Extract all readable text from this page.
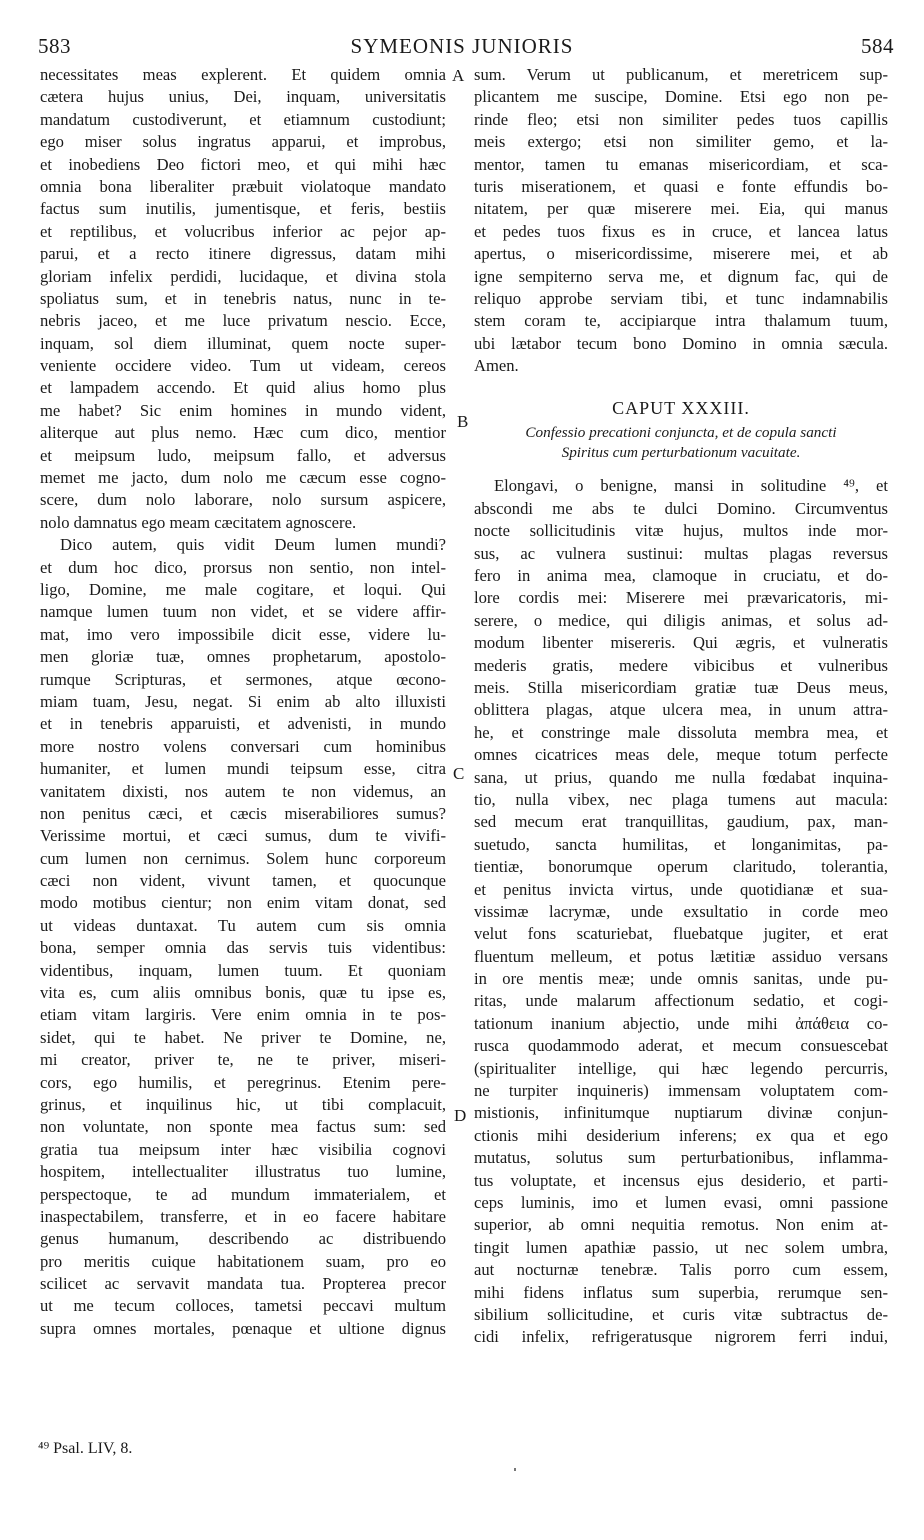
583	SYMEONIS JUNIORIS	584
necessitates meas explerent. Et quidem omnia
cætera hujus unius, Dei, inquam, universitatis
mandatum custodiverunt, et etiamnum custodiunt;
ego miser solus ingratus apparui, et improbus,
et inobediens Deo fictori meo, et qui mihi hæc
omnia bona liberaliter præbuit violatoque mandato
factus sum inutilis, jumentisque, et feris, bestiis
et reptilibus, et volucribus inferior ac pejor ap-
parui, et a recto itinere digressus, datam mihi
gloriam infelix perdidi, lucidaque, et divina stola
spoliatus sum, et in tenebris natus, nunc in te-
nebris jaceo, et me luce privatum nescio. Ecce,
inquam, sol diem illuminat, quem nocte super-
veniente occidere video. Tum ut videam, cereos
et lampadem accendo. Et quid alius homo plus
me habet? Sic enim homines in mundo vident,
aliterque aut plus nemo. Hæc cum dico, mentior
et meipsum ludo, meipsum fallo, et adversus
memet me jacto, dum nolo me cæcum esse cogno-
scere, dum nolo laborare, nolo sursum aspicere,
nolo damnatus ego meam cæcitatem agnoscere.
Dico autem, quis vidit Deum lumen mundi?
et dum hoc dico, prorsus non sentio, non intel-
ligo, Domine, me male cogitare, et loqui. Qui
namque lumen tuum non videt, et se videre affir-
mat, imo vero impossibile dicit esse, videre lu-
men gloriæ tuæ, omnes prophetarum, apostolo-
rumque Scripturas, et sermones, atque œcono-
miam tuam, Jesu, negat. Si enim ab alto illuxisti
et in tenebris apparuisti, et advenisti, in mundo
more nostro volens conversari cum hominibus
humaniter, et lumen mundi teipsum esse, citra
vanitatem dixisti, nos autem te non videmus, an
non penitus cæci, et cæcis miserabiliores sumus?
Verissime mortui, et cæci sumus, dum te vivifi-
cum lumen non cernimus. Solem hunc corporeum
cæci non vident, vivunt tamen, et quocunque
modo motibus cientur; non enim vitam donat, sed
ut videas duntaxat. Tu autem cum sis omnia
bona, semper omnia das servis tuis videntibus:
videntibus, inquam, lumen tuum. Et quoniam
vita es, cum aliis omnibus bonis, quæ tu ipse es,
etiam vitam largiris. Vere enim omnia in te pos-
sidet, qui te habet. Ne priver te Domine, ne,
mi creator, priver te, ne te priver, miseri-
cors, ego humilis, et peregrinus. Etenim pere-
grinus, et inquilinus hic, ut tibi complacuit,
non voluntate, non sponte mea factus sum: sed
gratia tua meipsum inter hæc visibilia cognovi
hospitem, intellectualiter illustratus tuo lumine,
perspectoque, te ad mundum immaterialem, et
inaspectabilem, transferre, et in eo facere habitare
genus humanum, describendo ac distribuendo
pro meritis cuique habitationem suam, pro eo
scilicet ac servavit mandata tua. Propterea precor
ut me tecum colloces, tametsi peccavi multum
supra omnes mortales, pœnaque et ultione dignus
sum. Verum ut publicanum, et meretricem sup-
plicantem me suscipe, Domine. Etsi ego non pe-
rinde fleo; etsi non similiter pedes tuos capillis
meis extergo; etsi non similiter gemo, et la-
mentor, tamen tu emanas misericordiam, et sca-
turis miserationem, et quasi e fonte effundis bo-
nitatem, per quæ miserere mei. Eia, qui manus
et pedes tuos fixus es in cruce, et lancea latus
apertus, o misericordissime, miserere mei, et ab
igne sempiterno serva me, et dignum fac, qui de
reliquo approbe serviam tibi, et tunc indamnabilis
stem coram te, accipiarque intra thalamum tuum,
ubi lætabor tecum bono Domino in omnia sæcula.
Amen.
CAPUT XXXIII.
Confessio precationi conjuncta, et de copula sancti
Spiritus cum perturbationum vacuitate.
Elongavi, o benigne, mansi in solitudine ⁴⁹, et
abscondi me abs te dulci Domino. Circumventus
nocte sollicitudinis vitæ hujus, multos inde mor-
sus, ac vulnera sustinui: multas plagas reversus
fero in anima mea, clamoque in cruciatu, et do-
lore cordis mei: Miserere mei prævaricatoris, mi-
serere, o medice, qui diligis animas, et solus ad-
modum libenter misereris. Qui ægris, et vulneratis
mederis gratis, medere vibicibus et vulneribus
meis. Stilla misericordiam gratiæ tuæ Deus meus,
oblittera plagas, atque ulcera mea, in unum attra-
he, et constringe male dissoluta membra mea, et
omnes cicatrices meas dele, meque totum perfecte
sana, ut prius, quando me nulla fœdabat inquina-
tio, nulla vibex, nec plaga tumens aut macula:
sed mecum erat tranquillitas, gaudium, pax, man-
suetudo, sancta humilitas, et longanimitas, pa-
tientiæ, bonorumque operum claritudo, tolerantia,
et penitus invicta virtus, unde quotidianæ et sua-
vissimæ lacrymæ, unde exsultatio in corde meo
velut fons scaturiebat, fluebatque jugiter, et erat
fluentum melleum, et potus lætitiæ assiduo versans
in ore mentis meæ; unde omnis sanitas, unde pu-
ritas, unde malarum affectionum sedatio, et cogi-
tationum inanium abjectio, unde mihi ἀπάθεια co-
rusca quodammodo aderat, et mecum consuescebat
(spiritualiter intellige, qui hæc legendo percurris,
ne turpiter inquineris) immensam voluptatem com-
mistionis, infinitumque nuptiarum divinæ conjun-
ctionis mihi desiderium inferens; ex qua et ego
mutatus, solutus sum perturbationibus, inflamma-
tus voluptate, et incensus ejus desiderio, et parti-
ceps luminis, imo et lumen evasi, omni passione
superior, ab omni nequitia remotus. Non enim at-
tingit lumen apathiæ passio, ut nec solem umbra,
aut nocturnæ tenebræ. Talis porro cum essem,
mihi fidens inflatus sum superbia, rerumque sen-
sibilium sollicitudine, et curis vitæ subtractus de-
cidi infelix, refrigeratusque nigrorem ferri indui,
A
B
C
D
⁴⁹ Psal. LIV, 8.
